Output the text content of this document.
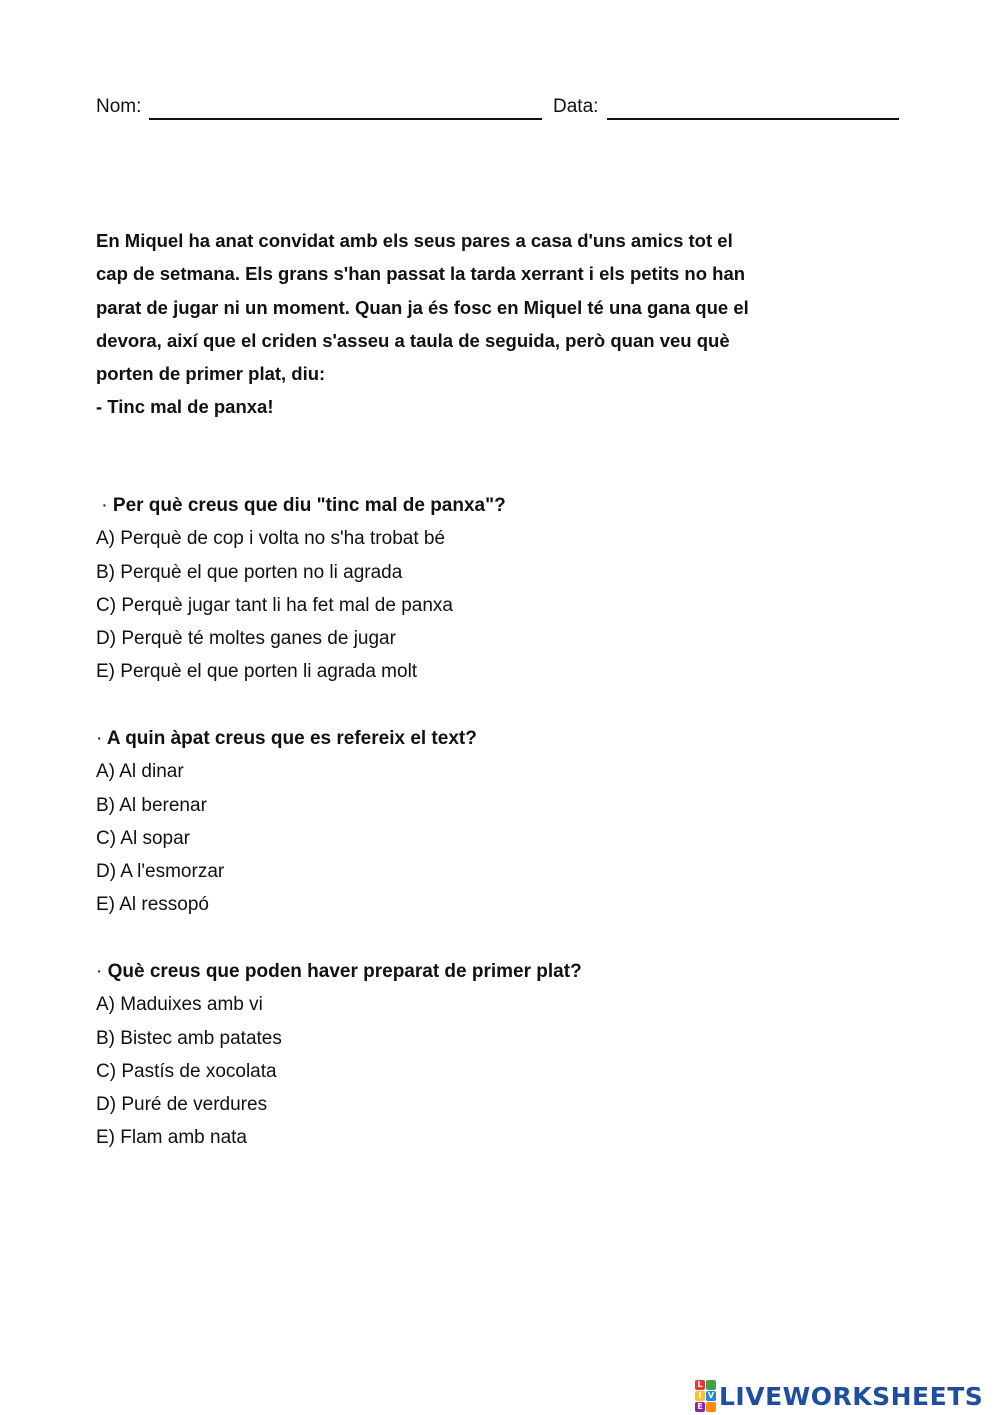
Nom:	Data:

En Miquel ha anat convidat amb els seus pares a casa d'uns amics tot el

cap de setmana. Els grans s'han passat la tarda xerrant i els petits no han

parat de jugar ni un moment. Quan ja és fosc en Miquel té una gana que el

devora, així que el criden s'asseu a taula de seguida, però quan veu què

porten de primer plat, diu:

- Tinc mal de panxa!

· Per què creus que diu "tinc mal de panxa"?
A) Perquè de cop i volta no s'ha trobat bé
B) Perquè el que porten no li agrada
C) Perquè jugar tant li ha fet mal de panxa
D) Perquè té moltes ganes de jugar
E) Perquè el que porten li agrada molt
· A quin àpat creus que es refereix el text?
A) Al dinar
B) Al berenar
C) Al sopar
D) A l'esmorzar
E) Al ressopó
· Què creus que poden haver preparat de primer plat?
A) Maduixes amb vi
B) Bistec amb patates
C) Pastís de xocolata
D) Puré de verdures
E) Flam amb nata
L
I V
E LIVEWORKSHEETS
